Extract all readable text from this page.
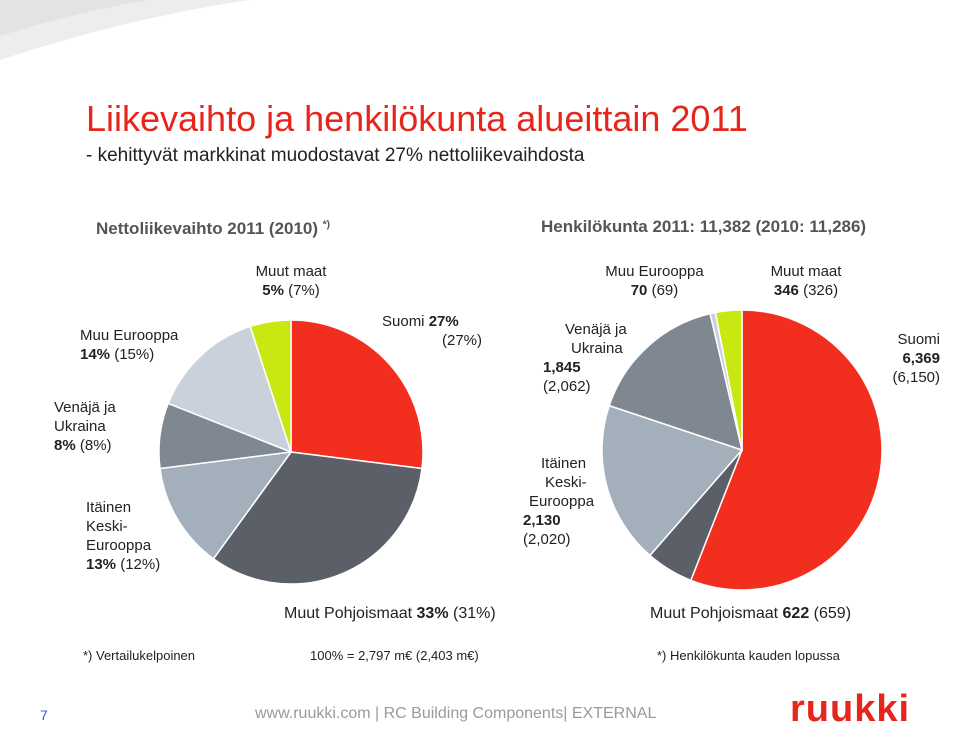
Liikevaihto ja henkilökunta alueittain 2011
- kehittyvät markkinat muodostavat 27% nettoliikevaihdosta
Nettoliikevaihto 2011 (2010) *)	Henkilökunta 2011: 11,382 (2010: 11,286)
Muut maat
5% (7%)
Suomi 27%
(27%)
Muu Eurooppa
14% (15%)
Venäjä ja
Ukraina
8% (8%)
Itäinen
Keski-
Eurooppa
13% (12%)
Muut Pohjoismaat 33% (31%)
Muu Eurooppa
70 (69)
Muut maat
346 (326)
Suomi
6,369
(6,150)
Venäjä ja
Ukraina
1,845
(2,062)
Itäinen
Keski-
Eurooppa
2,130
(2,020)
Muut Pohjoismaat 622 (659)
*) Vertailukelpoinen	100% = 2,797 m€ (2,403 m€)	*) Henkilökunta kauden lopussa
7	www.ruukki.com | RC Building Components| EXTERNAL	ruukki
